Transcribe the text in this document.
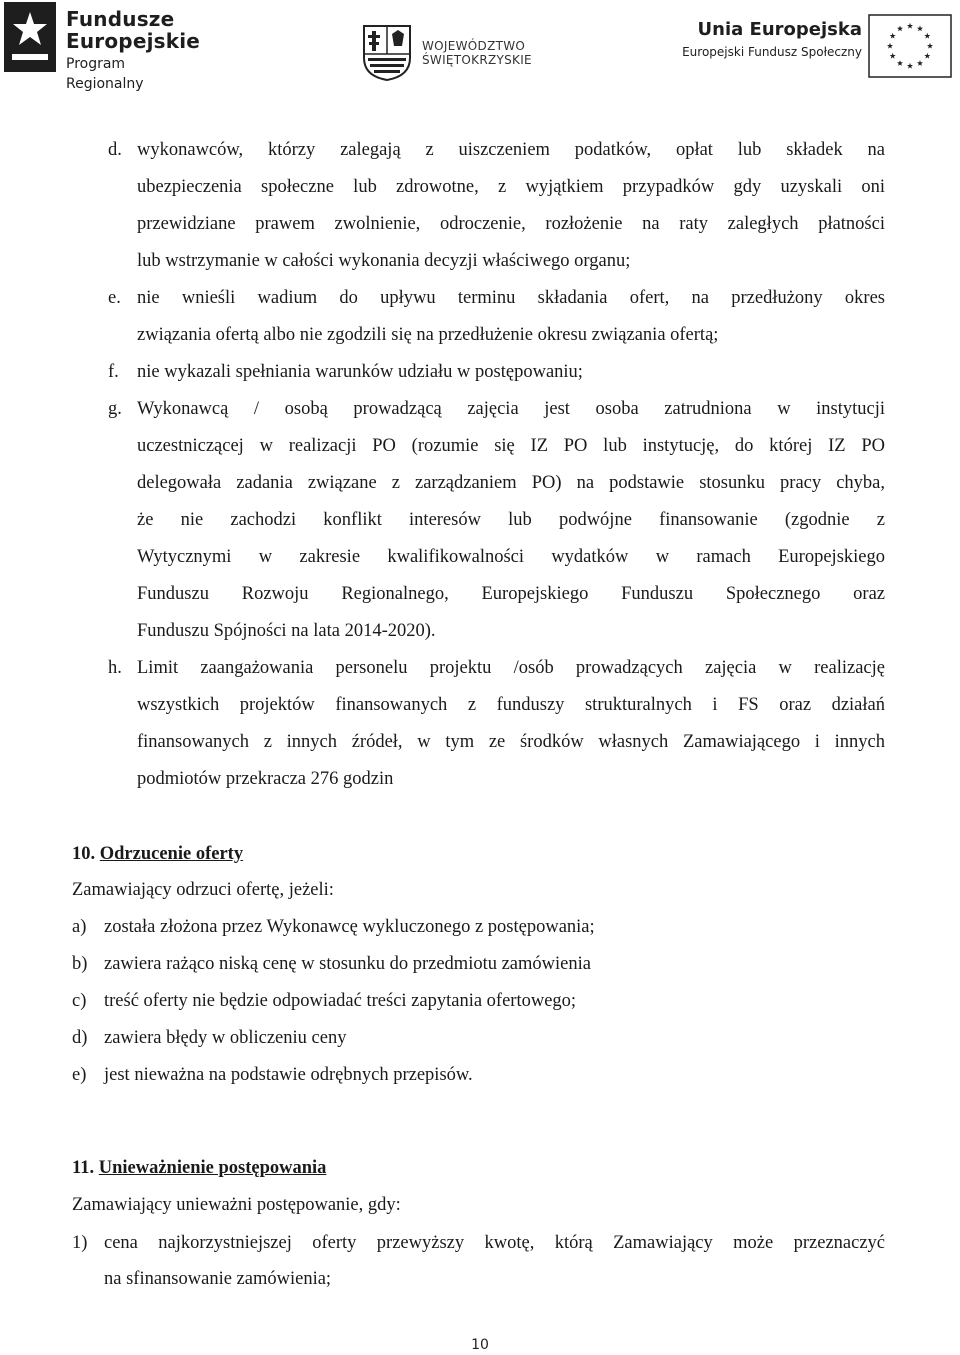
Fundusze
Europejskie
Program Regionalny
WOJEWÓDZTWO
ŚWIĘTOKRZYSKIE
Unia Europejska
Europejski Fundusz Społeczny
d. wykonawców, którzy zalegają z uiszczeniem podatków, opłat lub składek na
ubezpieczenia społeczne lub zdrowotne, z wyjątkiem przypadków gdy uzyskali oni
przewidziane prawem zwolnienie, odroczenie, rozłożenie na raty zaległych płatności
lub wstrzymanie w całości wykonania decyzji właściwego organu;
e. nie wnieśli wadium do upływu terminu składania ofert, na przedłużony okres
związania ofertą albo nie zgodzili się na przedłużenie okresu związania ofertą;
f. nie wykazali spełniania warunków udziału w postępowaniu;
g. Wykonawcą / osobą prowadzącą zajęcia jest osoba zatrudniona w instytucji
uczestniczącej w realizacji PO (rozumie się IZ PO lub instytucję, do której IZ PO
delegowała zadania związane z zarządzaniem PO) na podstawie stosunku pracy chyba,
że nie zachodzi konflikt interesów lub podwójne finansowanie (zgodnie z
Wytycznymi w zakresie kwalifikowalności wydatków w ramach Europejskiego
Funduszu Rozwoju Regionalnego, Europejskiego Funduszu Społecznego oraz
Funduszu Spójności na lata 2014-2020).
h. Limit zaangażowania personelu projektu /osób prowadzących zajęcia w realizację
wszystkich projektów finansowanych z funduszy strukturalnych i FS oraz działań
finansowanych z innych źródeł, w tym ze środków własnych Zamawiającego i innych
podmiotów przekracza 276 godzin
10. Odrzucenie oferty
Zamawiający odrzuci ofertę, jeżeli:
a) została złożona przez Wykonawcę wykluczonego z postępowania;
b) zawiera rażąco niską cenę w stosunku do przedmiotu zamówienia
c) treść oferty nie będzie odpowiadać treści zapytania ofertowego;
d) zawiera błędy w obliczeniu ceny
e) jest nieważna na podstawie odrębnych przepisów.
11. Unieważnienie postępowania
Zamawiający unieważni postępowanie, gdy:
1) cena najkorzystniejszej oferty przewyższy kwotę, którą Zamawiający może przeznaczyć
na sfinansowanie zamówienia;
10
